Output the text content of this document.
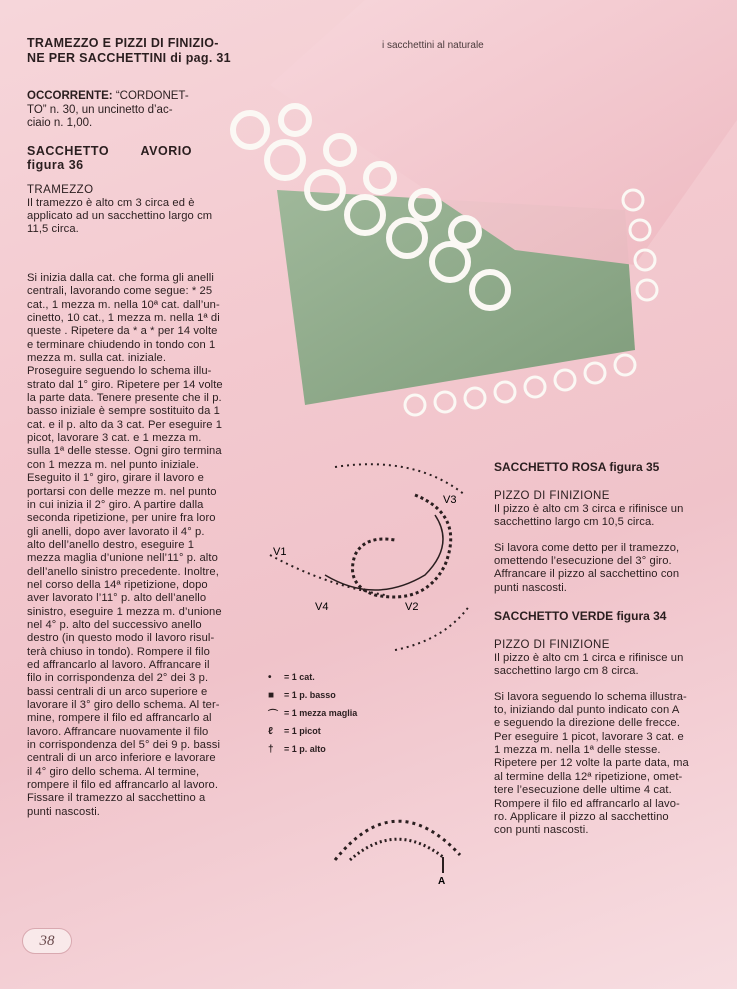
i sacchettini al naturale
TRAMEZZO E PIZZI DI FINIZIO-
NE PER SACCHETTINI di pag. 31
OCCORRENTE: “CORDONET-
TO” n. 30, un uncinetto d’ac-
ciaio n. 1,00.
SACCHETTO AVORIO
figura 36
TRAMEZZO
Il tramezzo è alto cm 3 circa ed è
applicato ad un sacchettino largo cm
11,5 circa.
Si inizia dalla cat. che forma gli anelli
centrali, lavorando come segue: * 25
cat., 1 mezza m. nella 10ª cat. dall’un-
cinetto, 10 cat., 1 mezza m. nella 1ª di
queste . Ripetere da * a * per 14 volte
e terminare chiudendo in tondo con 1
mezza m. sulla cat. iniziale.
Proseguire seguendo lo schema illu-
strato dal 1° giro. Ripetere per 14 volte
la parte data. Tenere presente che il p.
basso iniziale è sempre sostituito da 1
cat. e il p. alto da 3 cat. Per eseguire 1
picot, lavorare 3 cat. e 1 mezza m.
sulla 1ª delle stesse. Ogni giro termina
con 1 mezza m. nel punto iniziale.
Eseguito il 1° giro, girare il lavoro e
portarsi con delle mezze m. nel punto
in cui inizia il 2° giro. A partire dalla
seconda ripetizione, per unire fra loro
gli anelli, dopo aver lavorato il 4° p.
alto dell’anello destro, eseguire 1
mezza maglia d’unione nell’11° p. alto
dell’anello sinistro precedente. Inoltre,
nel corso della 14ª ripetizione, dopo
aver lavorato l’11° p. alto dell’anello
sinistro, eseguire 1 mezza m. d’unione
nel 4° p. alto del successivo anello
destro (in questo modo il lavoro risul-
terà chiuso in tondo). Rompere il filo
ed affrancarlo al lavoro. Affrancare il
filo in corrispondenza del 2° dei 3 p.
bassi centrali di un arco superiore e
lavorare il 3° giro dello schema. Al ter-
mine, rompere il filo ed affrancarlo al
lavoro. Affrancare nuovamente il filo
in corrispondenza del 5° dei 9 p. bassi
centrali di un arco inferiore e lavorare
il 4° giro dello schema. Al termine,
rompere il filo ed affrancarlo al lavoro.
Fissare il tramezzo al sacchettino a
punti nascosti.
SACCHETTO ROSA figura 35
PIZZO DI FINIZIONE
Il pizzo è alto cm 3 circa e rifinisce un
sacchettino largo cm 10,5 circa.
Si lavora come detto per il tramezzo,
omettendo l’esecuzione del 3° giro.
Affrancare il pizzo al sacchettino con
punti nascosti.
SACCHETTO VERDE figura 34
PIZZO DI FINIZIONE
Il pizzo è alto cm 1 circa e rifinisce un
sacchettino largo cm 8 circa.
Si lavora seguendo lo schema illustra-
to, iniziando dal punto indicato con A
e seguendo la direzione delle frecce.
Per eseguire 1 picot, lavorare 3 cat. e
1 mezza m. nella 1ª delle stesse.
Ripetere per 12 volte la parte data, ma
al termine della 12ª ripetizione, omet-
tere l’esecuzione delle ultime 4 cat.
Rompere il filo ed affrancarlo al lavo-
ro. Applicare il pizzo al sacchettino
con punti nascosti.
V3
V2
V1
V4
•	= 1 cat.
■	= 1 p. basso
⌒ = 1 mezza maglia
ℓ	= 1 picot
†	= 1 p. alto
A
38
